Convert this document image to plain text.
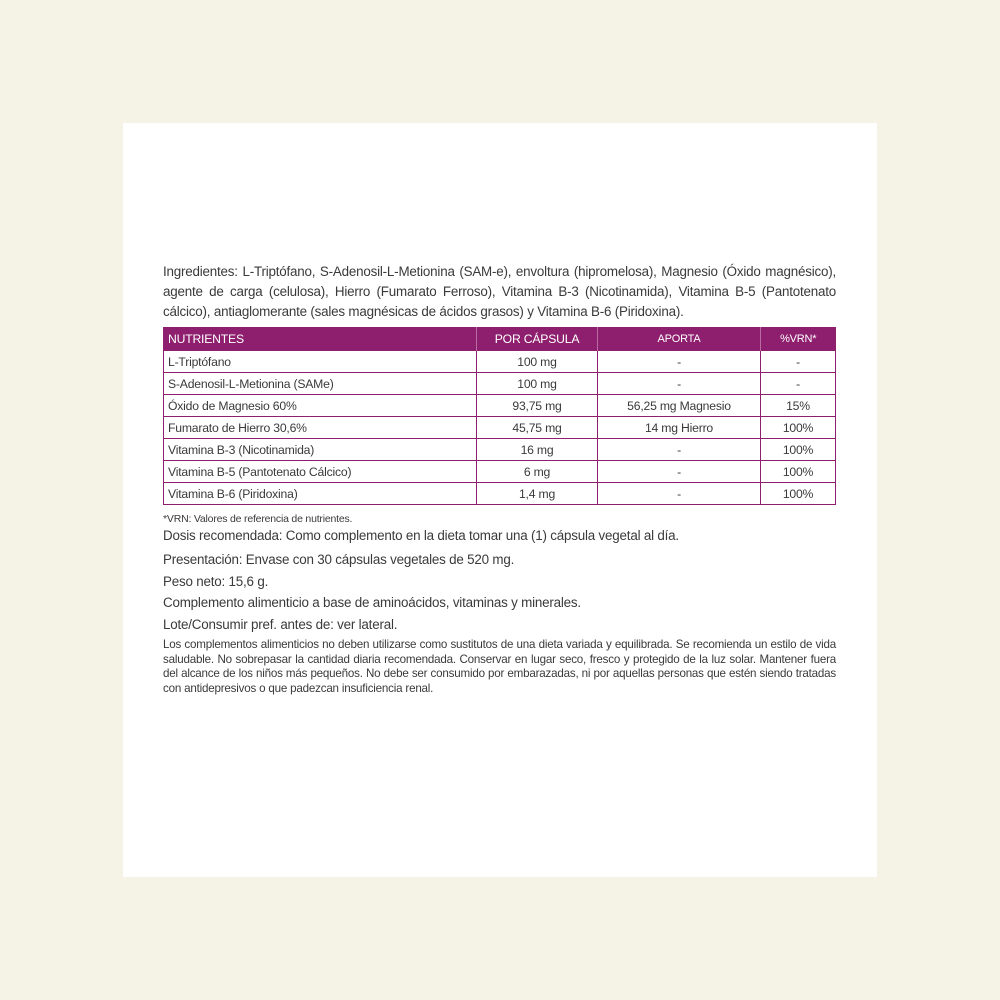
Ingredientes: L-Triptófano, S-Adenosil-L-Metionina (SAM-e), envoltura (hipromelosa), Magnesio (Óxido magnésico), agente de carga (celulosa), Hierro (Fumarato Ferroso), Vitamina B-3 (Nicotinamida), Vitamina B-5 (Pantotenato cálcico), antiaglomerante (sales magnésicas de ácidos grasos) y Vitamina B-6 (Piridoxina).

NUTRIENTES	POR CÁPSULA	APORTA	%VRN*
L-Triptófano	100 mg	-	-
S-Adenosil-L-Metionina (SAMe)	100 mg	-	-
Óxido de Magnesio 60%	93,75 mg	56,25 mg Magnesio	15%
Fumarato de Hierro 30,6%	45,75 mg	14 mg Hierro	100%
Vitamina B-3 (Nicotinamida)	16 mg	-	100%
Vitamina B-5 (Pantotenato Cálcico)	6 mg	-	100%
Vitamina B-6 (Piridoxina)	1,4 mg	-	100%

*VRN: Valores de referencia de nutrientes.

Dosis recomendada: Como complemento en la dieta tomar una (1) cápsula vegetal al día.

Presentación: Envase con 30 cápsulas vegetales de 520 mg.

Peso neto: 15,6 g.

Complemento alimenticio a base de aminoácidos, vitaminas y minerales.

Lote/Consumir pref. antes de: ver lateral.

Los complementos alimenticios no deben utilizarse como sustitutos de una dieta variada y equilibrada. Se recomienda un estilo de vida saludable. No sobrepasar la cantidad diaria recomendada. Conservar en lugar seco, fresco y protegido de la luz solar. Mantener fuera del alcance de los niños más pequeños. No debe ser consumido por embarazadas, ni por aquellas personas que estén siendo tratadas con antidepresivos o que padezcan insuficiencia renal.
